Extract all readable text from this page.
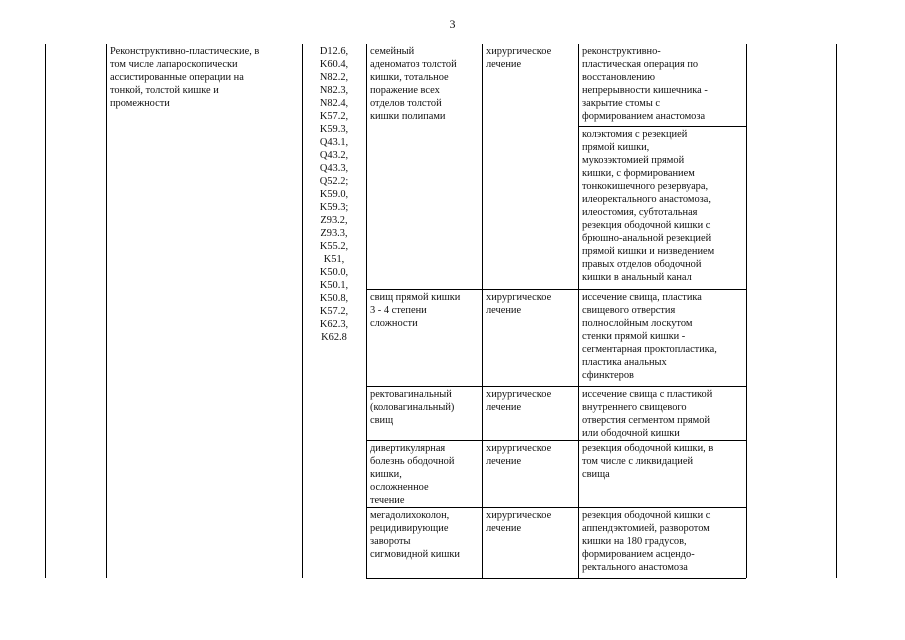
3
Реконструктивно-пластические, в
том числе лапароскопически
ассистированные операции на
тонкой, толстой кишке и
промежности
D12.6,
K60.4,
N82.2,
N82.3,
N82.4,
K57.2,
K59.3,
Q43.1,
Q43.2,
Q43.3,
Q52.2;
K59.0,
K59.3;
Z93.2,
Z93.3,
K55.2,
K51,
K50.0,
K50.1,
K50.8,
K57.2,
K62.3,
K62.8
семейный
аденоматоз толстой
кишки, тотальное
поражение всех
отделов толстой
кишки полипами
хирургическое
лечение
реконструктивно-
пластическая операция по
восстановлению
непрерывности кишечника -
закрытие стомы с
формированием анастомоза
колэктомия с резекцией
прямой кишки,
мукозэктомией прямой
кишки, с формированием
тонкокишечного резервуара,
илеоректального анастомоза,
илеостомия, субтотальная
резекция ободочной кишки с
брюшно-анальной резекцией
прямой кишки и низведением
правых отделов ободочной
кишки в анальный канал
свищ прямой кишки
3 - 4 степени
сложности
хирургическое
лечение
иссечение свища, пластика
свищевого отверстия
полнослойным лоскутом
стенки прямой кишки -
сегментарная проктопластика,
пластика анальных
сфинктеров
ректовагинальный
(коловагинальный)
свищ
хирургическое
лечение
иссечение свища с пластикой
внутреннего свищевого
отверстия сегментом прямой
или ободочной кишки
дивертикулярная
болезнь ободочной
кишки,
осложненное
течение
хирургическое
лечение
резекция ободочной кишки, в
том числе с ликвидацией
свища
мегадолихоколон,
рецидивирующие
завороты
сигмовидной кишки
хирургическое
лечение
резекция ободочной кишки с
аппендэктомией, разворотом
кишки на 180 градусов,
формированием асцендо-
ректального анастомоза
